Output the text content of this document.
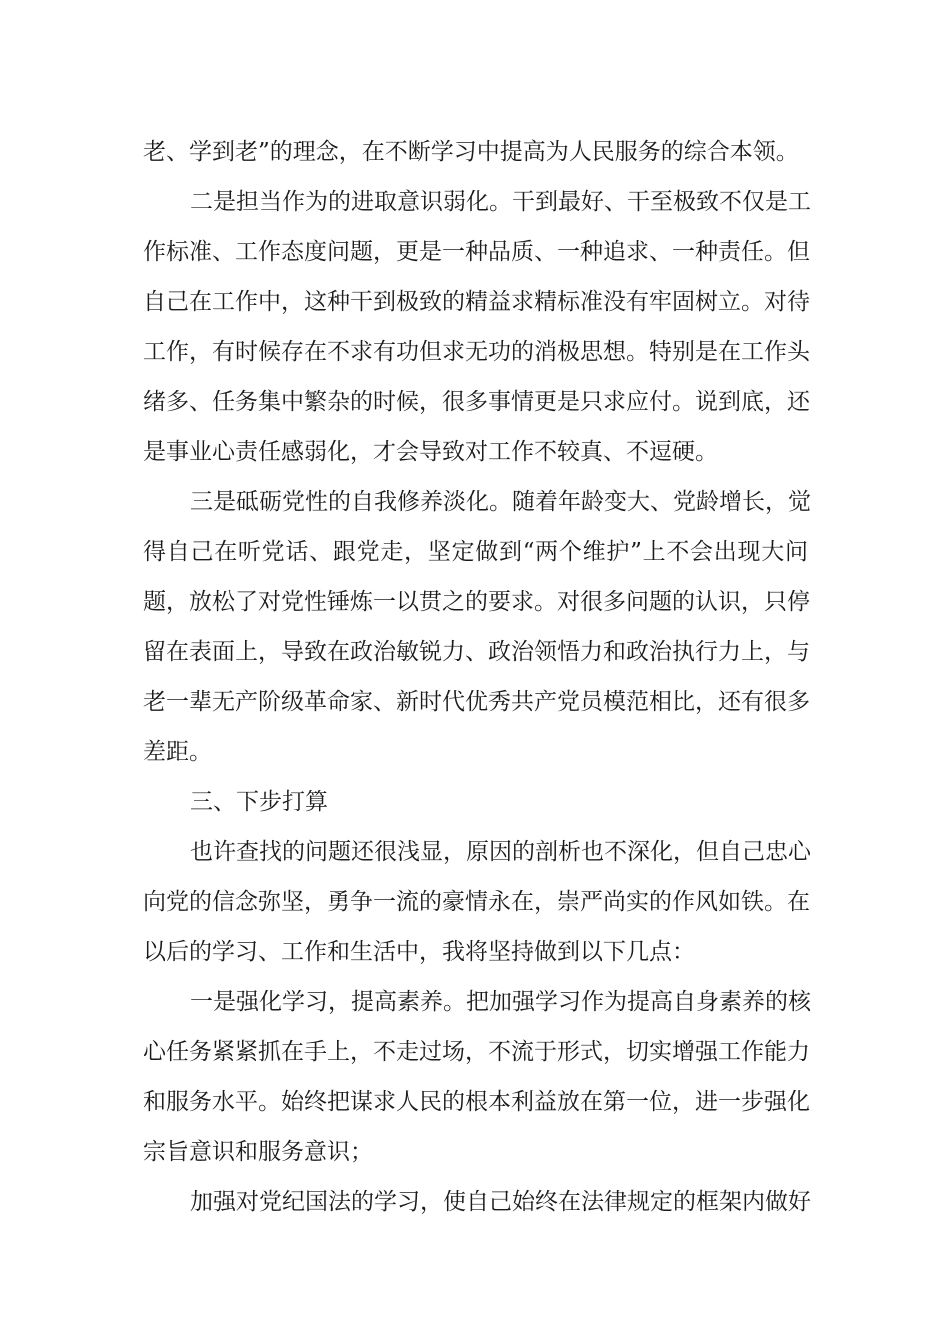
老、学到老”的理念，在不断学习中提高为人民服务的综合本领。
二是担当作为的进取意识弱化。干到最好、干至极致不仅是工
作标准、工作态度问题，更是一种品质、一种追求、一种责任。但
自己在工作中，这种干到极致的精益求精标准没有牢固树立。对待
工作，有时候存在不求有功但求无功的消极思想。特别是在工作头
绪多、任务集中繁杂的时候，很多事情更是只求应付。说到底，还
是事业心责任感弱化，才会导致对工作不较真、不逗硬。
三是砥砺党性的自我修养淡化。随着年龄变大、党龄增长，觉
得自己在听党话、跟党走，坚定做到“两个维护”上不会出现大问
题，放松了对党性锤炼一以贯之的要求。对很多问题的认识，只停
留在表面上，导致在政治敏锐力、政治领悟力和政治执行力上，与
老一辈无产阶级革命家、新时代优秀共产党员模范相比，还有很多
差距。
三、下步打算
也许查找的问题还很浅显，原因的剖析也不深化，但自己忠心
向党的信念弥坚，勇争一流的豪情永在，崇严尚实的作风如铁。在
以后的学习、工作和生活中，我将坚持做到以下几点：
一是强化学习，提高素养。把加强学习作为提高自身素养的核
心任务紧紧抓在手上，不走过场，不流于形式，切实增强工作能力
和服务水平。始终把谋求人民的根本利益放在第一位，进一步强化
宗旨意识和服务意识；
加强对党纪国法的学习，使自己始终在法律规定的框架内做好
